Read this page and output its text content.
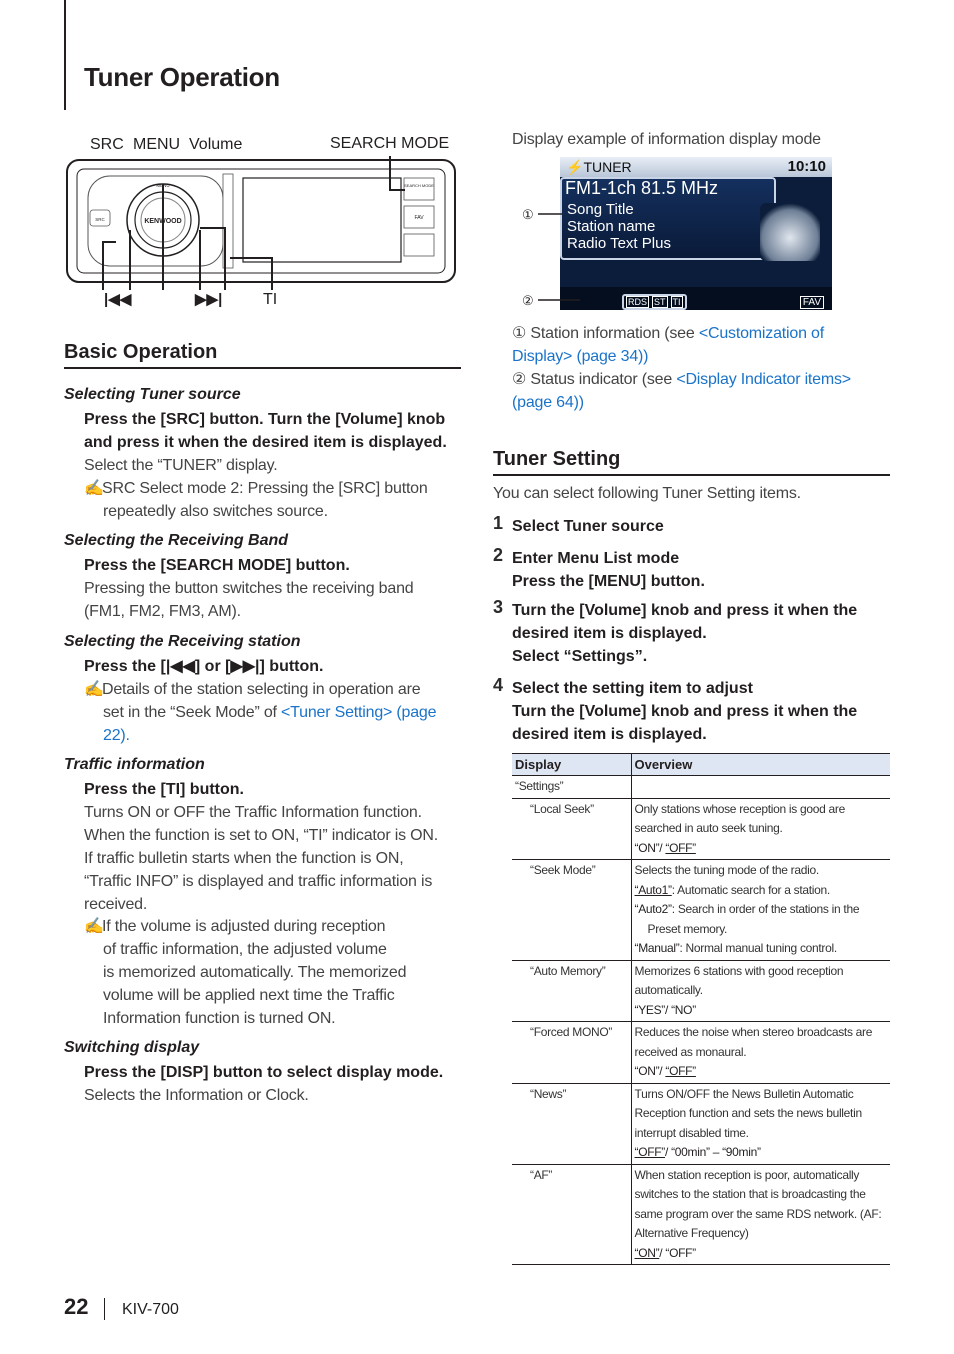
Tuner Operation
SRC MENU Volume	SEARCH MODE
|◀◀	▶▶|	TI
KENWOOD
MENU
SRC
SEARCH MODE
FAV
Basic Operation
Selecting Tuner source
Press the [SRC] button. Turn the [Volume] knob
and press it when the desired item is displayed.
Select the “TUNER” display.
✍SRC Select mode 2: Pressing the [SRC] button
repeatedly also switches source.
Selecting the Receiving Band
Press the [SEARCH MODE] button.
Pressing the button switches the receiving band
(FM1, FM2, FM3, AM).
Selecting the Receiving station
Press the [|◀◀] or [▶▶|] button.
✍Details of the station selecting in operation are
set in the “Seek Mode” of <Tuner Setting> (page
22).
Traffic information
Press the [TI] button.
Turns ON or OFF the Traffic Information function.
When the function is set to ON, “TI” indicator is ON.
If traffic bulletin starts when the function is ON,
“Traffic INFO” is displayed and traffic information is
received.
✍If the volume is adjusted during reception
of traffic information, the adjusted volume
is memorized automatically. The memorized
volume will be applied next time the Traffic
Information function is turned ON.
Switching display
Press the [DISP] button to select display mode.
Selects the Information or Clock.
Display example of information display mode
⚡TUNER	10:10
FM1-1ch 81.5 MHz
Song Title
Station name
Radio Text Plus
RDS ST TI	FAV
①
②
① Station information (see <Customization of Display> (page 34))
② Status indicator (see <Display Indicator items> (page 64))
Tuner Setting
You can select following Tuner Setting items.
1 Select Tuner source
2 Enter Menu List mode
Press the [MENU] button.
3 Turn the [Volume] knob and press it when the
desired item is displayed.
Select “Settings”.
4 Select the setting item to adjust
Turn the [Volume] knob and press it when the
desired item is displayed.
Display	Overview
“Settings”	
“Local Seek”	Only stations whose reception is good are
searched in auto seek tuning.
“ON”/ “OFF”

“Seek Mode”	Selects the tuning mode of the radio.
“Auto1”: Automatic search for a station.
“Auto2”: Search in order of the stations in the
Preset memory.
“Manual”: Normal manual tuning control.

“Auto Memory”	Memorizes 6 stations with good reception
automatically.
“YES”/ “NO”

“Forced MONO”	Reduces the noise when stereo broadcasts are
received as monaural.
“ON”/ “OFF”

“News”	Turns ON/OFF the News Bulletin Automatic
Reception function and sets the news bulletin
interrupt disabled time.
“OFF”/ “00min” – “90min”

“AF”	When station reception is poor, automatically
switches to the station that is broadcasting the
same program over the same RDS network. (AF:
Alternative Frequency)
“ON”/ “OFF”
22 KIV-700
